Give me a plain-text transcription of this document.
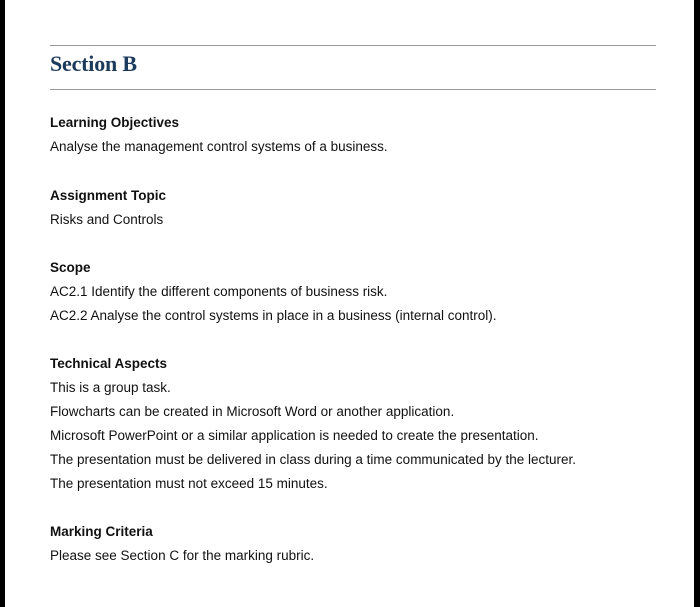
Section B
Learning Objectives
Analyse the management control systems of a business.
Assignment Topic
Risks and Controls
Scope
AC2.1 Identify the different components of business risk.
AC2.2 Analyse the control systems in place in a business (internal control).
Technical Aspects
This is a group task.
Flowcharts can be created in Microsoft Word or another application.
Microsoft PowerPoint or a similar application is needed to create the presentation.
The presentation must be delivered in class during a time communicated by the lecturer.
The presentation must not exceed 15 minutes.
Marking Criteria
Please see Section C for the marking rubric.
